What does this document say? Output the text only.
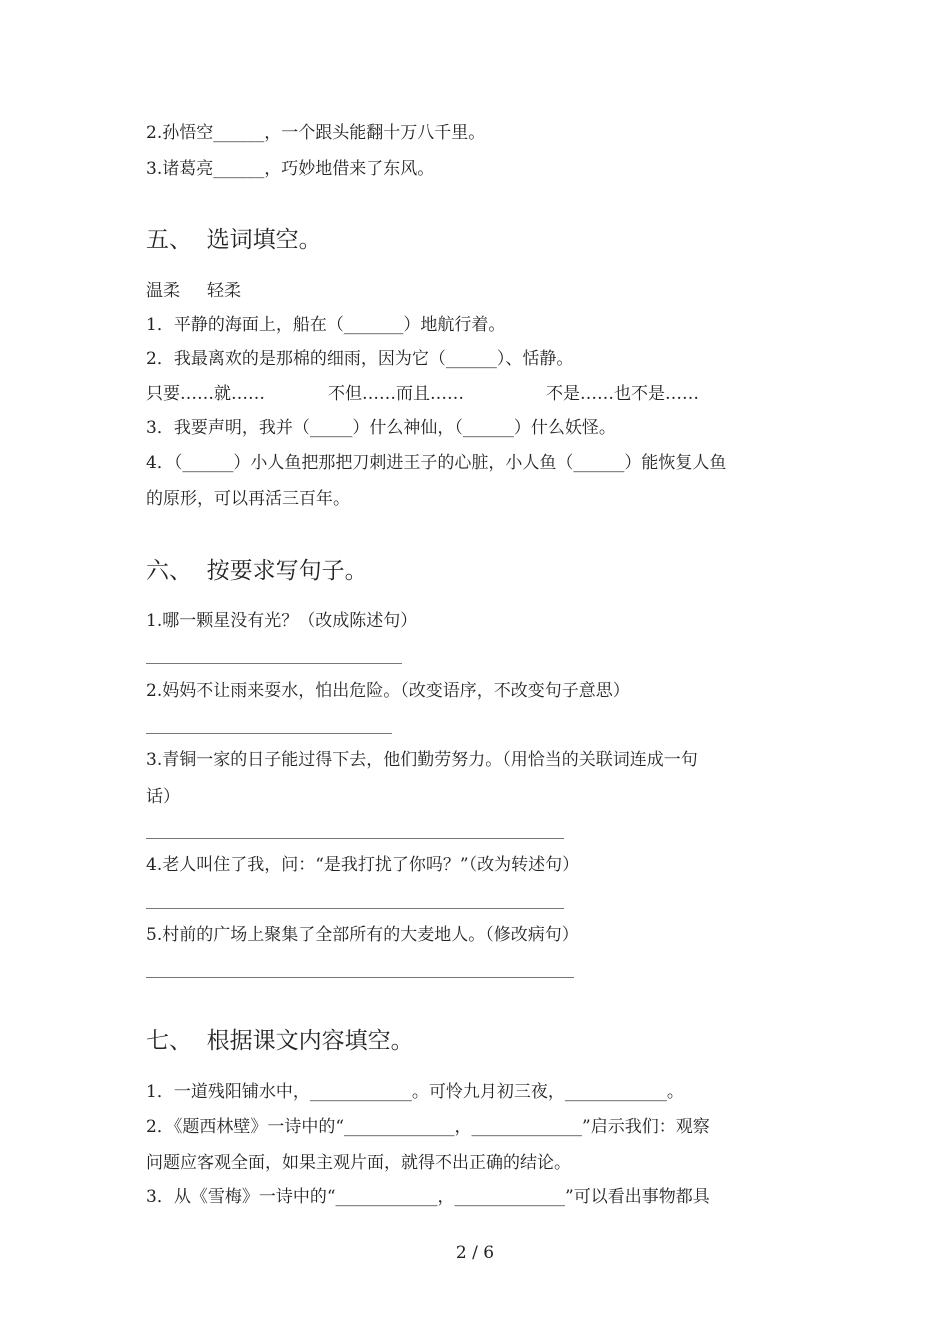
2.孙悟空______，一个跟头能翻十万八千里。
3.诸葛亮______，巧妙地借来了东风。
五、  选词填空。
温柔     轻柔
1．平静的海面上，船在（_______）地航行着。
2．我最离欢的是那棉的细雨，因为它（______）、恬静。
只要……就……	不但……而且……	不是……也不是……
3．我要声明，我并（_____）什么神仙，（______）什么妖怪。
4．（______）小人鱼把那把刀刺进王子的心脏，小人鱼（______）能恢复人鱼
的原形，可以再活三百年。
六、  按要求写句子。
1.哪一颗星没有光？（改成陈述句）
2.妈妈不让雨来耍水，怕出危险。（改变语序，不改变句子意思）
3.青铜一家的日子能过得下去，他们勤劳努力。（用恰当的关联词连成一句
话）
4.老人叫住了我，问：“是我打扰了你吗？”（改为转述句）
5.村前的广场上聚集了全部所有的大麦地人。（修改病句）
七、  根据课文内容填空。
1．一道残阳铺水中，____________。可怜九月初三夜，____________。
2．《题西林壁》一诗中的“_____________，_____________”启示我们：观察
问题应客观全面，如果主观片面，就得不出正确的结论。
3．从《雪梅》一诗中的“____________，_____________”可以看出事物都具
2 / 6
